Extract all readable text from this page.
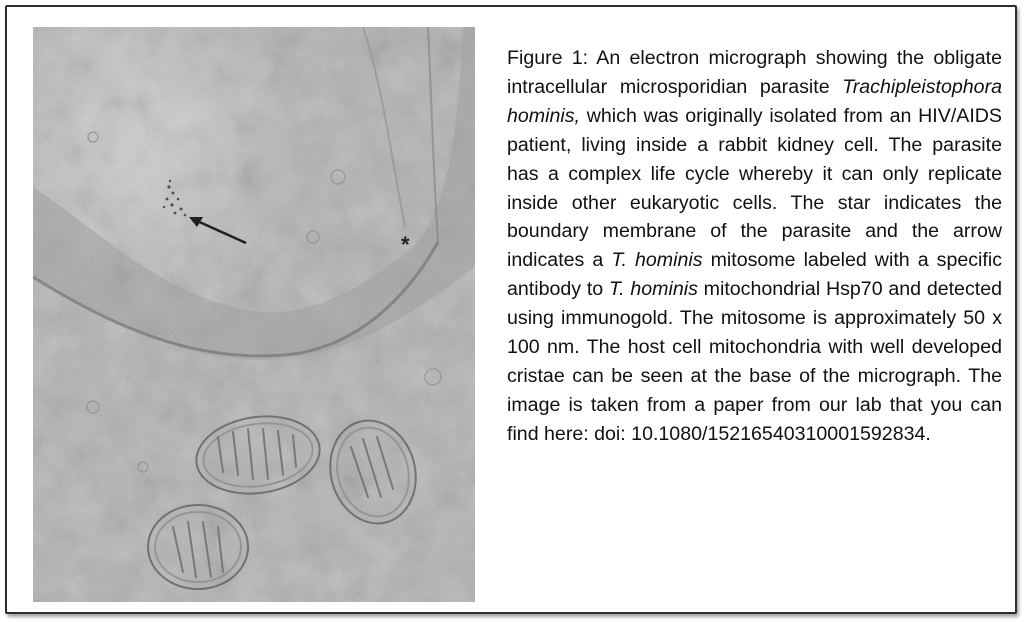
Figure 1: An electron micrograph showing the obligate intracellular microsporidian parasite Trachipleistophora hominis, which was originally isolated from an HIV/AIDS patient, living inside a rabbit kidney cell. The parasite has a complex life cycle whereby it can only replicate inside other eukaryotic cells. The star indicates the boundary membrane of the parasite and the arrow indicates a T. hominis mitosome labeled with a specific antibody to T. hominis mitochondrial Hsp70 and detected using immunogold. The mitosome is approximately 50 x 100 nm. The host cell mitochondria with well developed cristae can be seen at the base of the micrograph. The image is taken from a paper from our lab that you can find here: doi: 10.1080/15216540310001592834.
